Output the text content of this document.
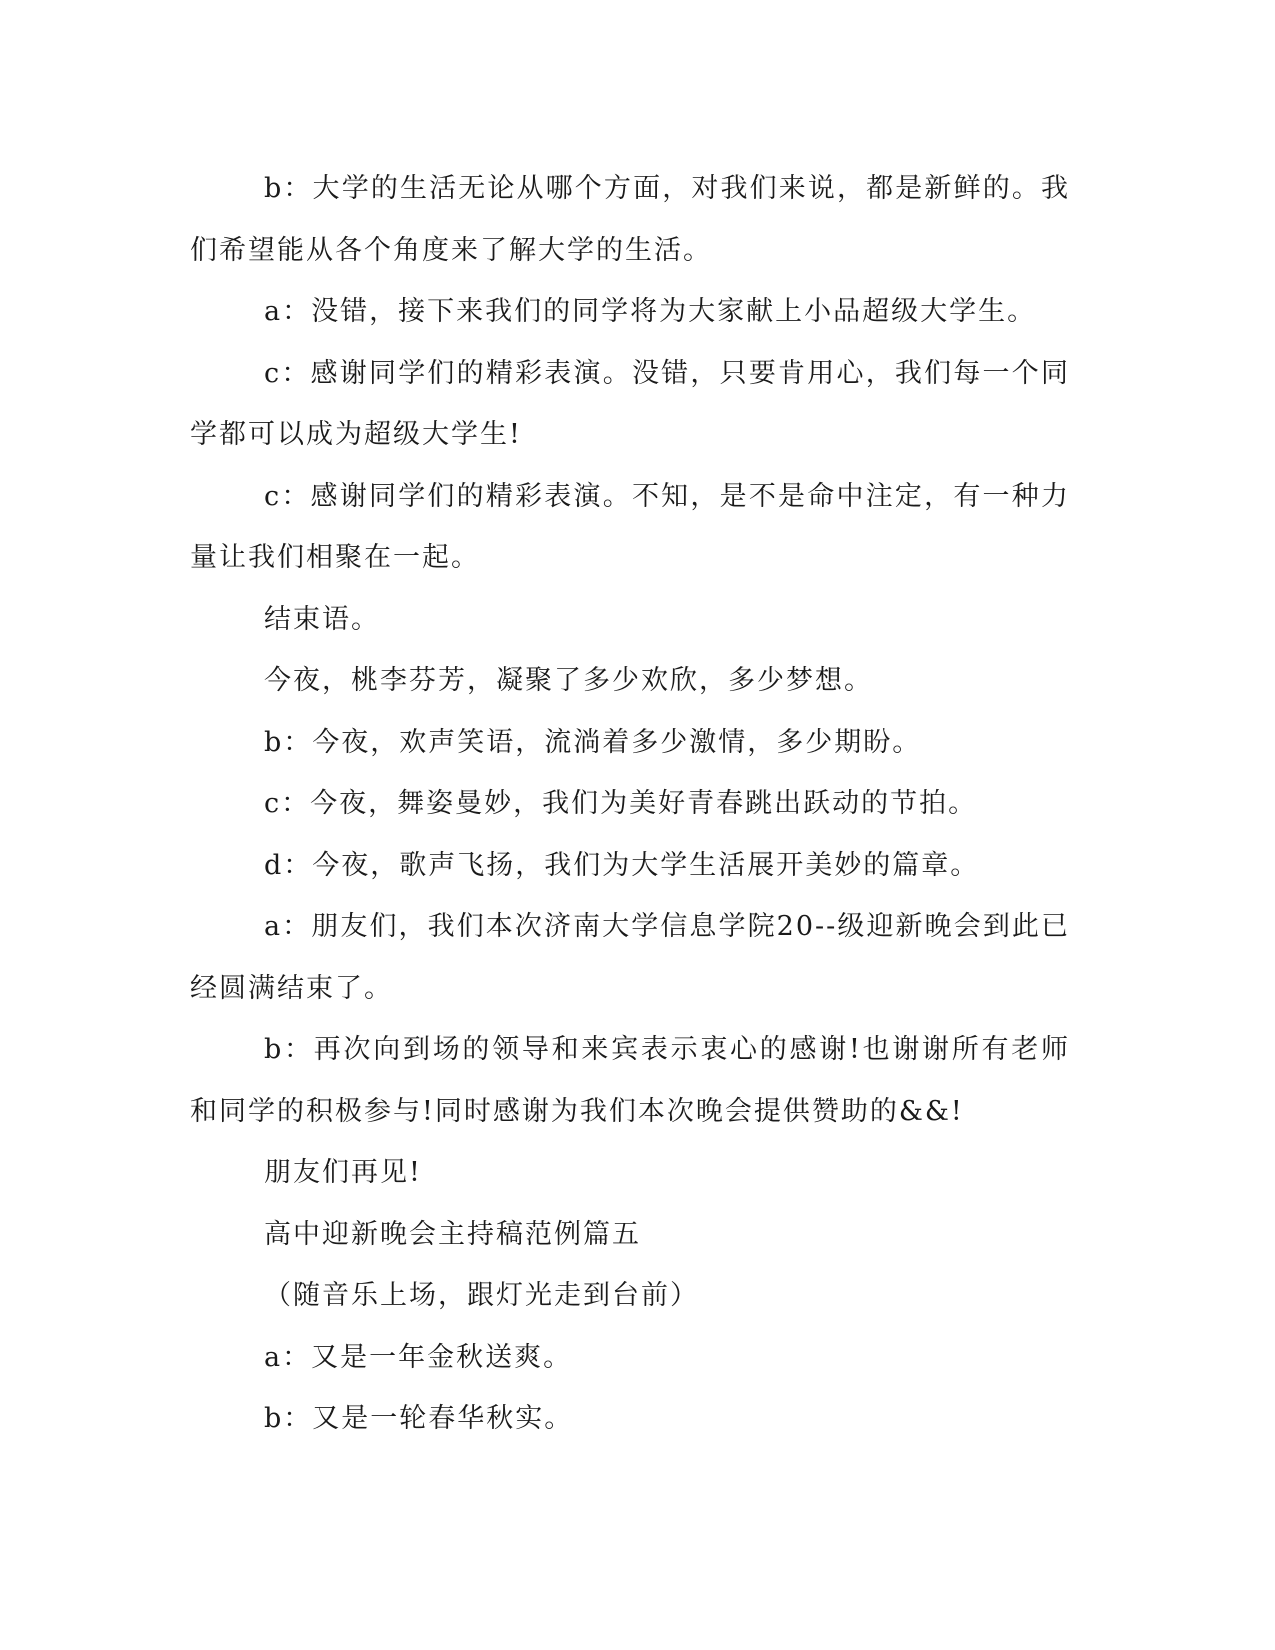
b：大学的生活无论从哪个方面，对我们来说，都是新鲜的。我们希望能从各个角度来了解大学的生活。

a：没错，接下来我们的同学将为大家献上小品超级大学生。

c：感谢同学们的精彩表演。没错，只要肯用心，我们每一个同学都可以成为超级大学生!

c：感谢同学们的精彩表演。不知，是不是命中注定，有一种力量让我们相聚在一起。

结束语。

今夜，桃李芬芳，凝聚了多少欢欣，多少梦想。

b：今夜，欢声笑语，流淌着多少激情，多少期盼。

c：今夜，舞姿曼妙，我们为美好青春跳出跃动的节拍。

d：今夜，歌声飞扬，我们为大学生活展开美妙的篇章。

a：朋友们，我们本次济南大学信息学院20--级迎新晚会到此已经圆满结束了。

b：再次向到场的领导和来宾表示衷心的感谢!也谢谢所有老师和同学的积极参与!同时感谢为我们本次晚会提供赞助的&&!

朋友们再见!

高中迎新晚会主持稿范例篇五

（随音乐上场，跟灯光走到台前）

a：又是一年金秋送爽。

b：又是一轮春华秋实。
